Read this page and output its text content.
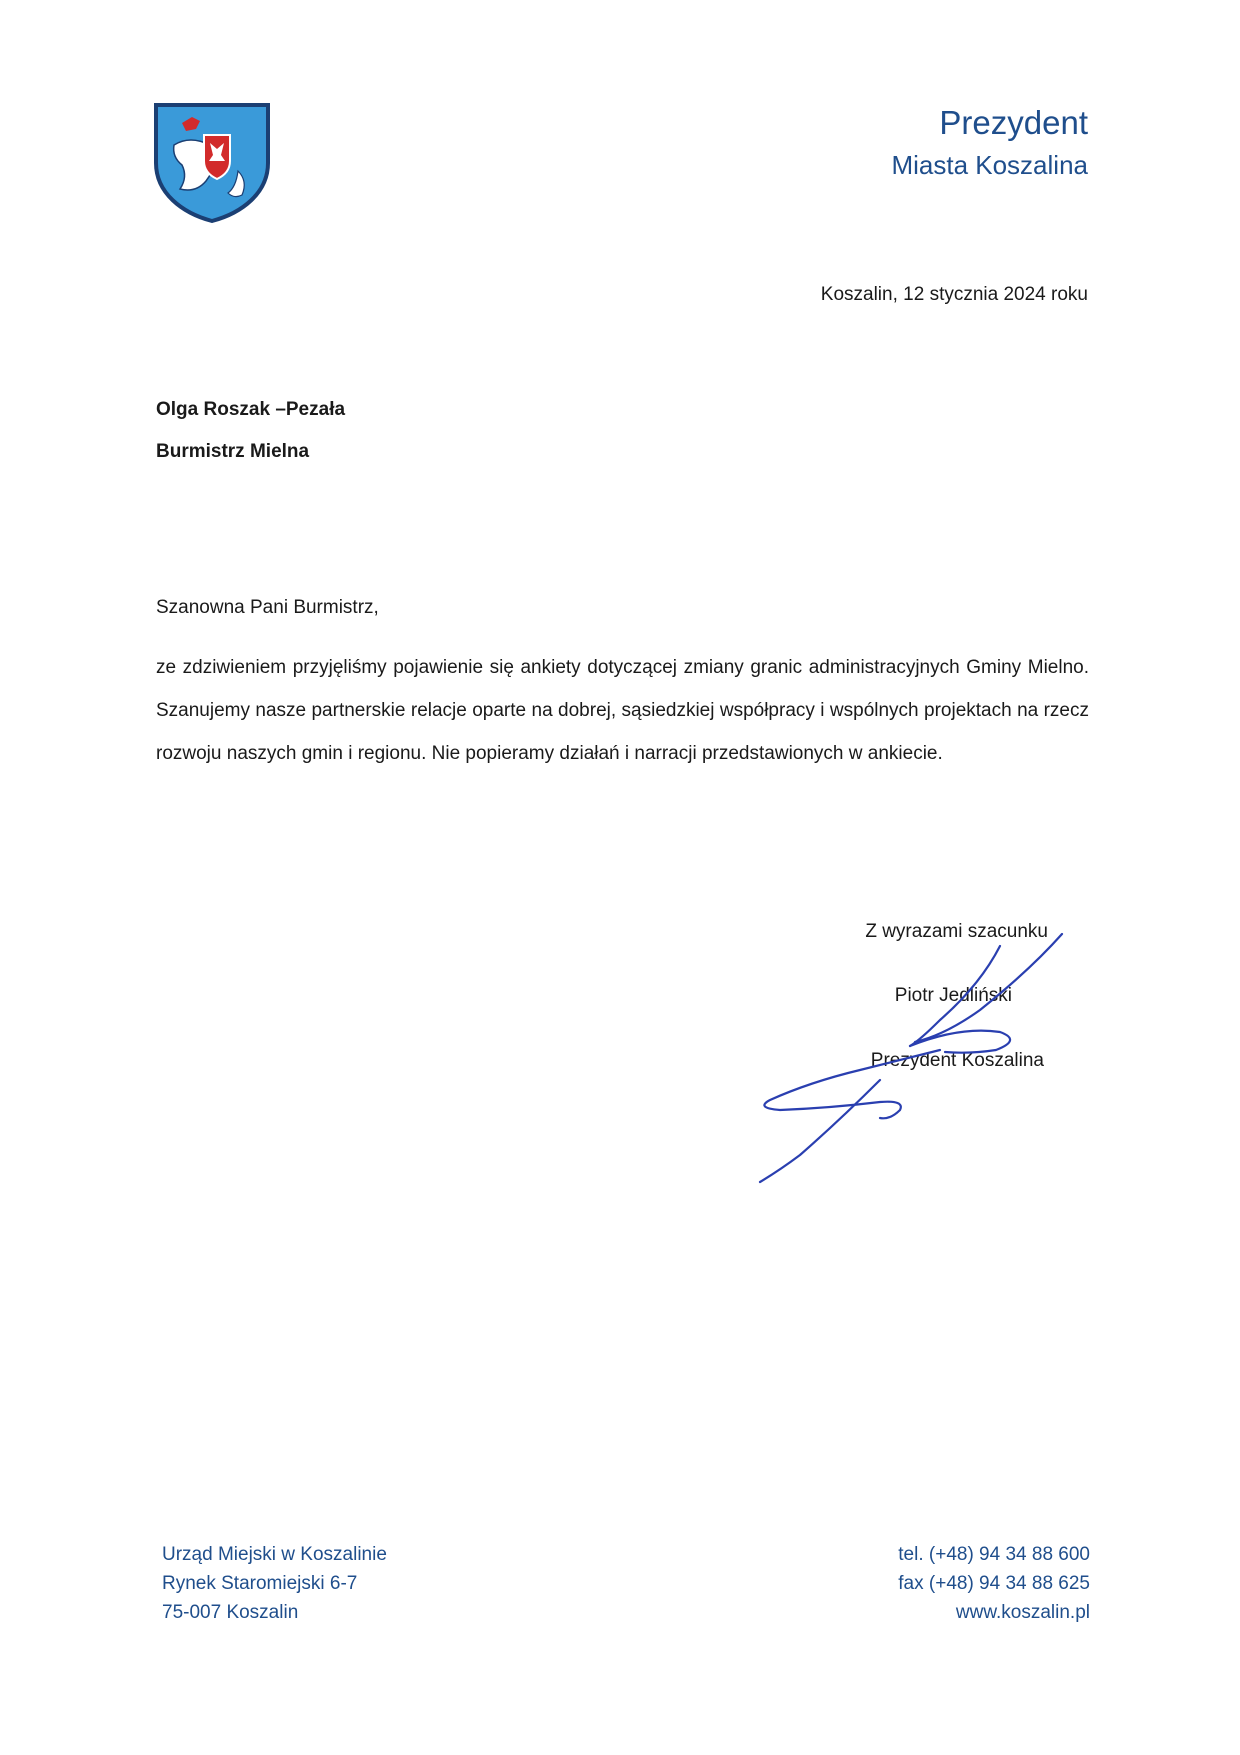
Prezydent
Miasta Koszalina
Koszalin, 12 stycznia 2024 roku
Olga Roszak –Pezała
Burmistrz Mielna
Szanowna Pani Burmistrz,
ze zdziwieniem przyjęliśmy pojawienie się ankiety dotyczącej zmiany granic administracyjnych Gminy Mielno. Szanujemy nasze partnerskie relacje oparte na dobrej, sąsiedzkiej współpracy i wspólnych projektach na rzecz rozwoju naszych gmin i regionu. Nie popieramy działań i narracji przedstawionych w ankiecie.
Z wyrazami szacunku
Piotr Jedliński
Prezydent Koszalina
Urząd Miejski w Koszalinie
Rynek Staromiejski 6-7
75-007 Koszalin
tel. (+48) 94 34 88 600
fax (+48) 94 34 88 625
www.koszalin.pl
